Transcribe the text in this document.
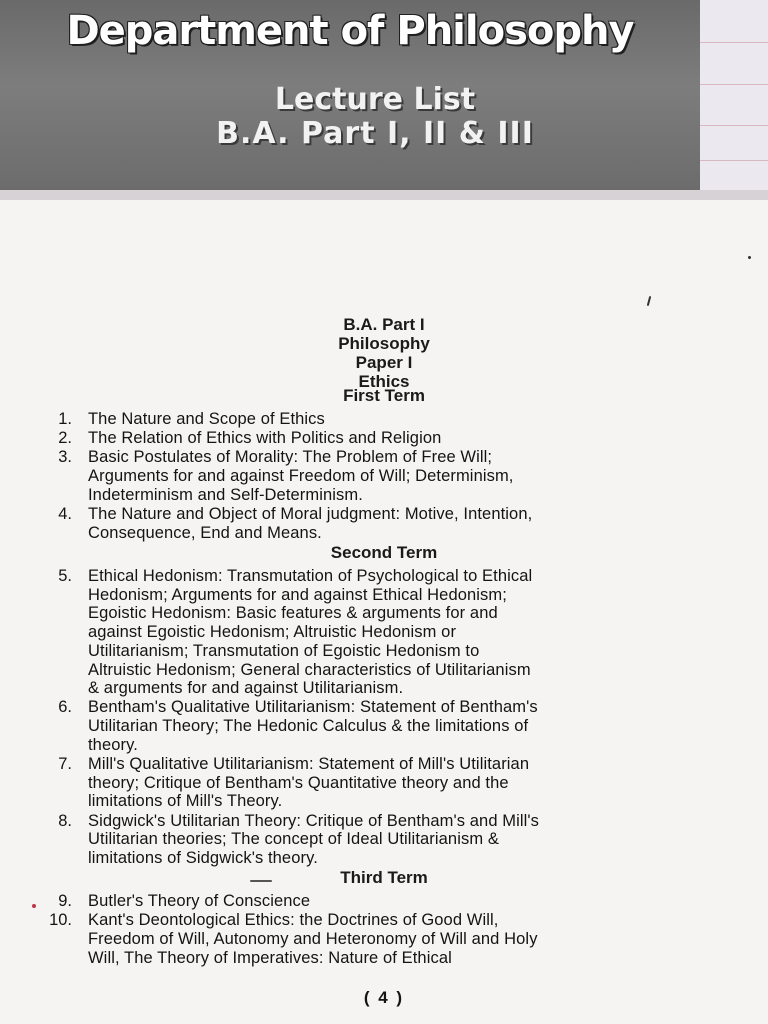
Department of Philosophy
Lecture List
B.A. Part I, II & III
B.A. Part I
Philosophy
Paper I
Ethics
First Term
1. The Nature and Scope of Ethics
2. The Relation of Ethics with Politics and Religion
3. Basic Postulates of Morality: The Problem of Free Will;
Arguments for and against Freedom of Will; Determinism,
Indeterminism and Self-Determinism.
4. The Nature and Object of Moral judgment: Motive, Intention,
Consequence, End and Means.
Second Term
5. Ethical Hedonism: Transmutation of Psychological to Ethical
Hedonism; Arguments for and against Ethical Hedonism;
Egoistic Hedonism: Basic features & arguments for and
against Egoistic Hedonism; Altruistic Hedonism or
Utilitarianism; Transmutation of Egoistic Hedonism to
Altruistic Hedonism; General characteristics of Utilitarianism
& arguments for and against Utilitarianism.
6. Bentham's Qualitative Utilitarianism: Statement of Bentham's
Utilitarian Theory; The Hedonic Calculus & the limitations of
theory.
7. Mill's Qualitative Utilitarianism: Statement of Mill's Utilitarian
theory; Critique of Bentham's Quantitative theory and the
limitations of Mill's Theory.
8. Sidgwick's Utilitarian Theory: Critique of Bentham's and Mill's
Utilitarian theories; The concept of Ideal Utilitarianism &
limitations of Sidgwick's theory.
Third Term
9. Butler's Theory of Conscience
10. Kant's Deontological Ethics: the Doctrines of Good Will,
Freedom of Will, Autonomy and Heteronomy of Will and Holy
Will, The Theory of Imperatives: Nature of Ethical
( 4 )
